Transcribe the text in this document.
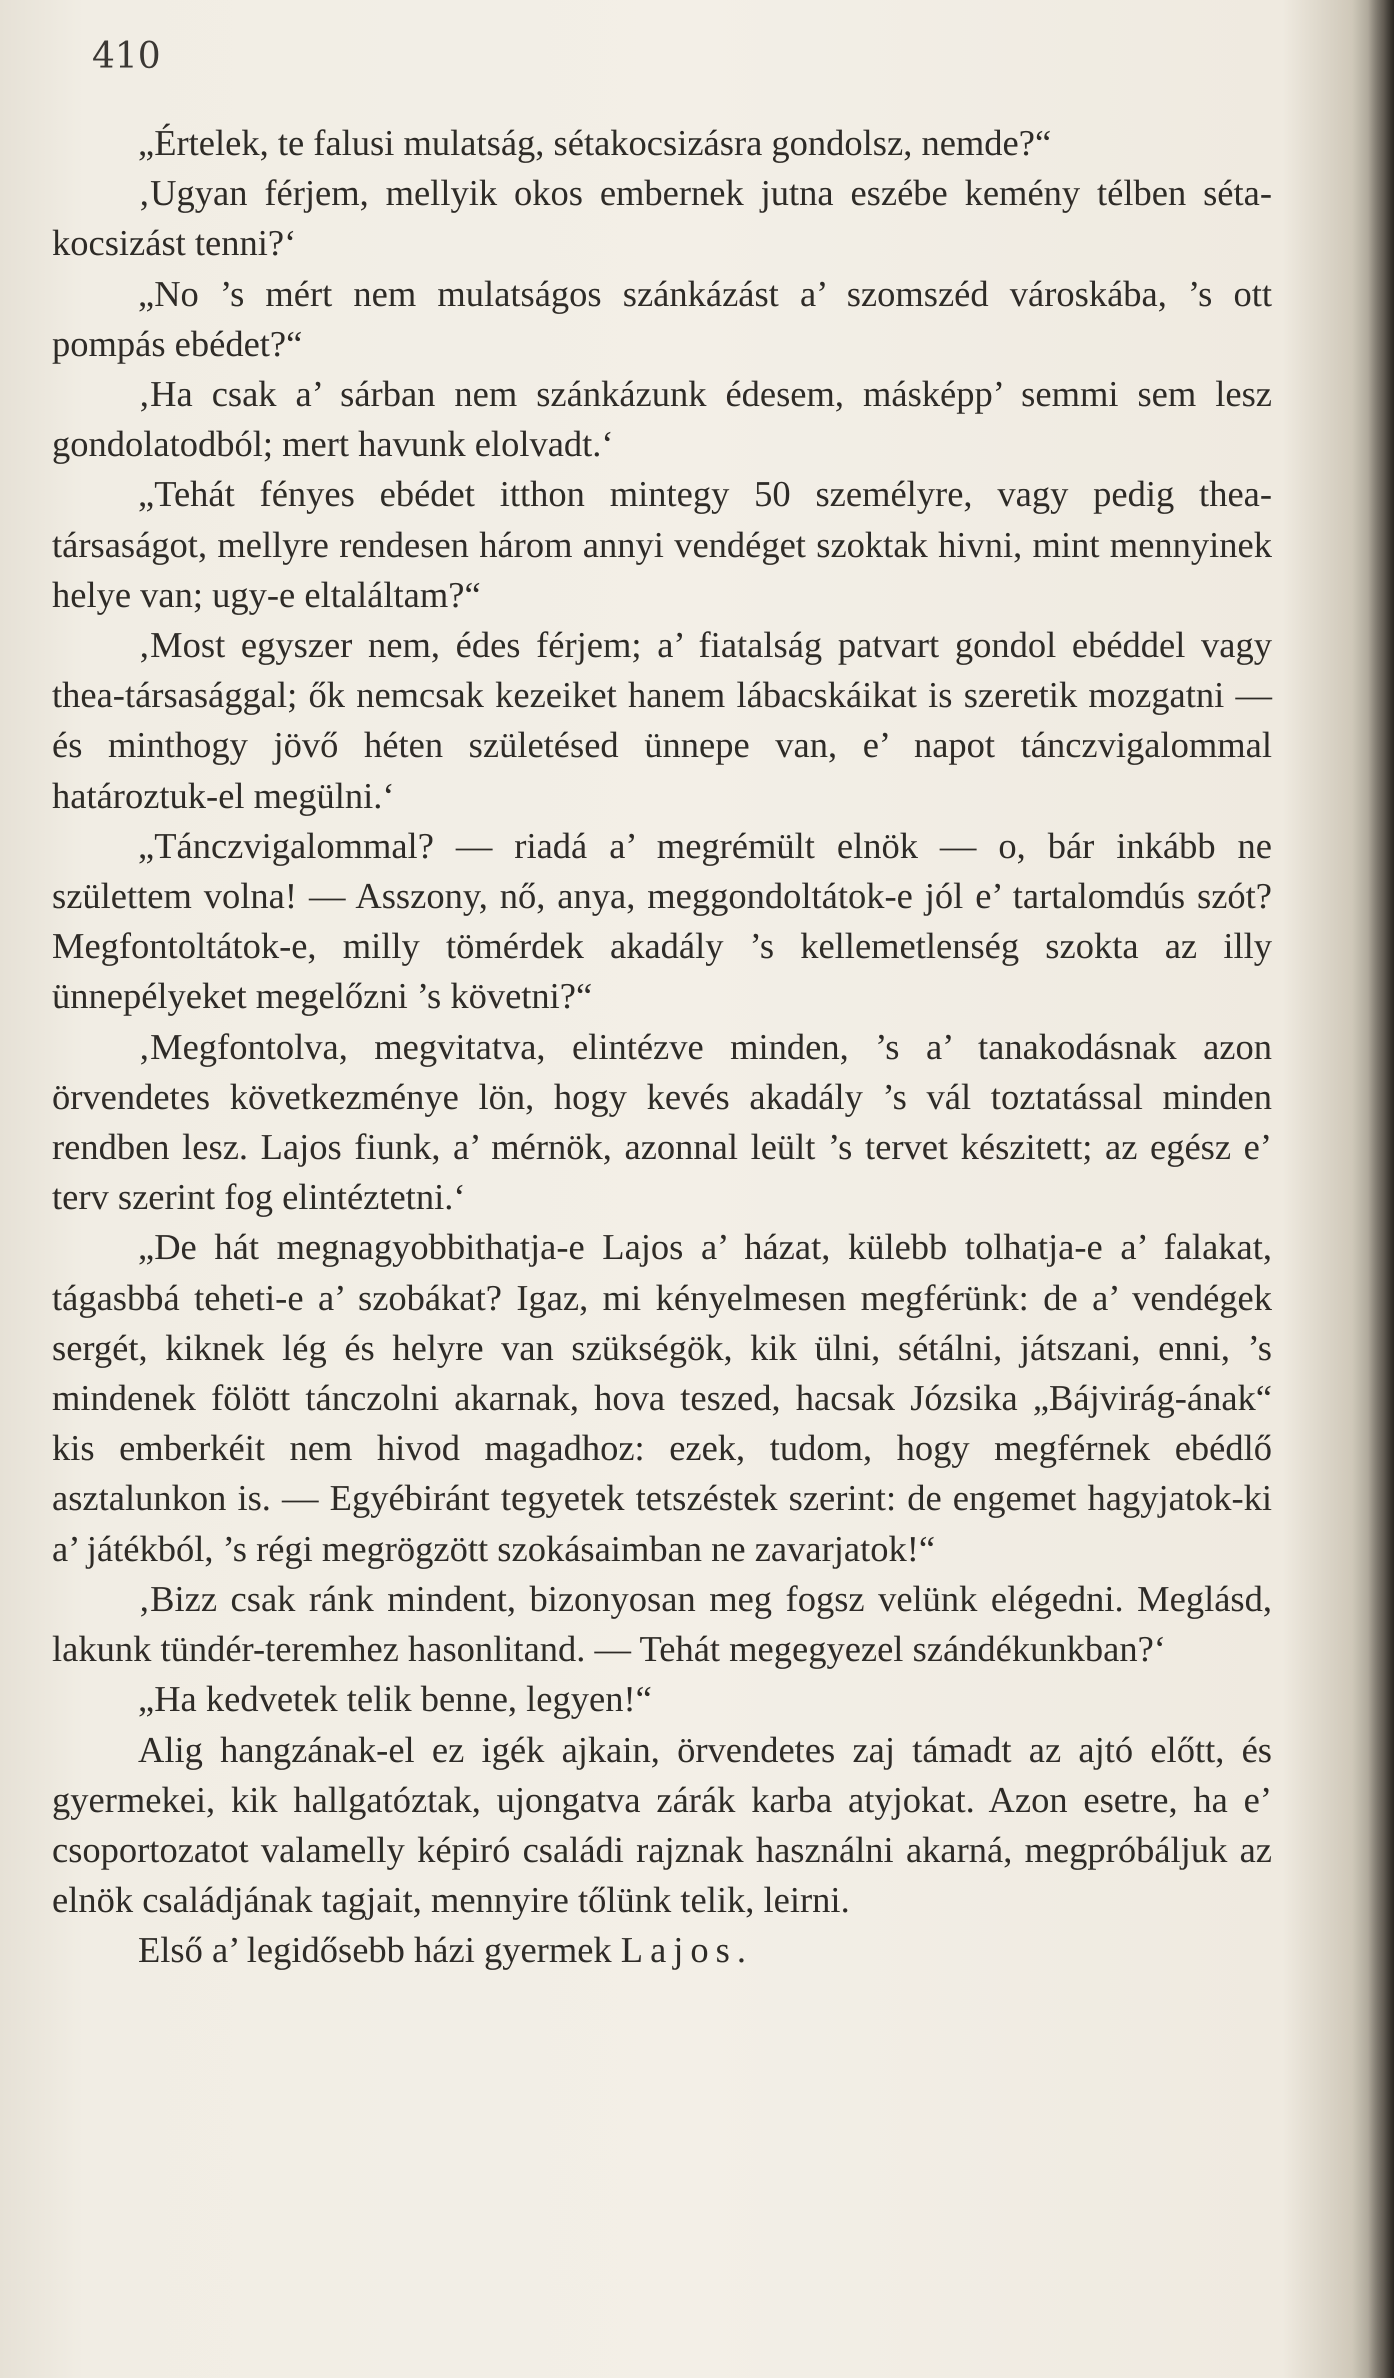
410

„Értelek, te falusi mulatság, sétakocsizásra gondolsz, nemde?“

‚Ugyan férjem, mellyik okos embernek jutna eszébe kemény télben séta-kocsizást tenni?‘

„No ’s mért nem mulatságos szánkázást a’ szomszéd városkába, ’s ott pompás ebédet?“

‚Ha csak a’ sárban nem szánkázunk édesem, másképp’ semmi sem lesz gondolatodból; mert havunk elolvadt.‘

„Tehát fényes ebédet itthon mintegy 50 személyre, vagy pedig thea-társaságot, mellyre rendesen három annyi vendéget szoktak hivni, mint mennyinek helye van; ugy-e eltaláltam?“

‚Most egyszer nem, édes férjem; a’ fiatalság patvart gondol ebéddel vagy thea-társasággal; ők nemcsak kezeiket hanem lábacskáikat is szeretik mozgatni — és minthogy jövő héten születésed ünnepe van, e’ napot tánczvigalommal határoztuk-el megülni.‘

„Tánczvigalommal? — riadá a’ megrémült elnök — o, bár inkább ne születtem volna! — Asszony, nő, anya, meggondoltátok-e jól e’ tartalomdús szót? Megfontoltátok-e, milly tömérdek akadály ’s kellemetlenség szokta az illy ünnepélyeket megelőzni ’s követni?“

‚Megfontolva, megvitatva, elintézve minden, ’s a’ tanakodásnak azon örvendetes következménye lön, hogy kevés akadály ’s vál toztatással minden rendben lesz. Lajos fiunk, a’ mérnök, azonnal leült ’s tervet készitett; az egész e’ terv szerint fog elintéztetni.‘

„De hát megnagyobbithatja-e Lajos a’ házat, külebb tolhatja-e a’ falakat, tágasbbá teheti-e a’ szobákat? Igaz, mi kényelmesen megférünk: de a’ vendégek sergét, kiknek lég és helyre van szükségök, kik ülni, sétálni, játszani, enni, ’s mindenek fölött tánczolni akarnak, hova teszed, hacsak Józsika „Bájvirág-ának“ kis emberkéit nem hivod magadhoz: ezek, tudom, hogy megférnek ebédlő asztalunkon is. — Egyébiránt tegyetek tetszéstek szerint: de engemet hagyjatok-ki a’ játékból, ’s régi megrögzött szokásaimban ne zavarjatok!“

‚Bizz csak ránk mindent, bizonyosan meg fogsz velünk elégedni. Meglásd, lakunk tündér-teremhez hasonlitand. — Tehát megegyezel szándékunkban?‘

„Ha kedvetek telik benne, legyen!“

Alig hangzának-el ez igék ajkain, örvendetes zaj támadt az ajtó előtt, és gyermekei, kik hallgatóztak, ujongatva zárák karba atyjokat. Azon esetre, ha e’ csoportozatot valamelly képiró családi rajznak használni akarná, megpróbáljuk az elnök családjának tagjait, mennyire tőlünk telik, leirni.

Első a’ legidősebb házi gyermek Lajos.
